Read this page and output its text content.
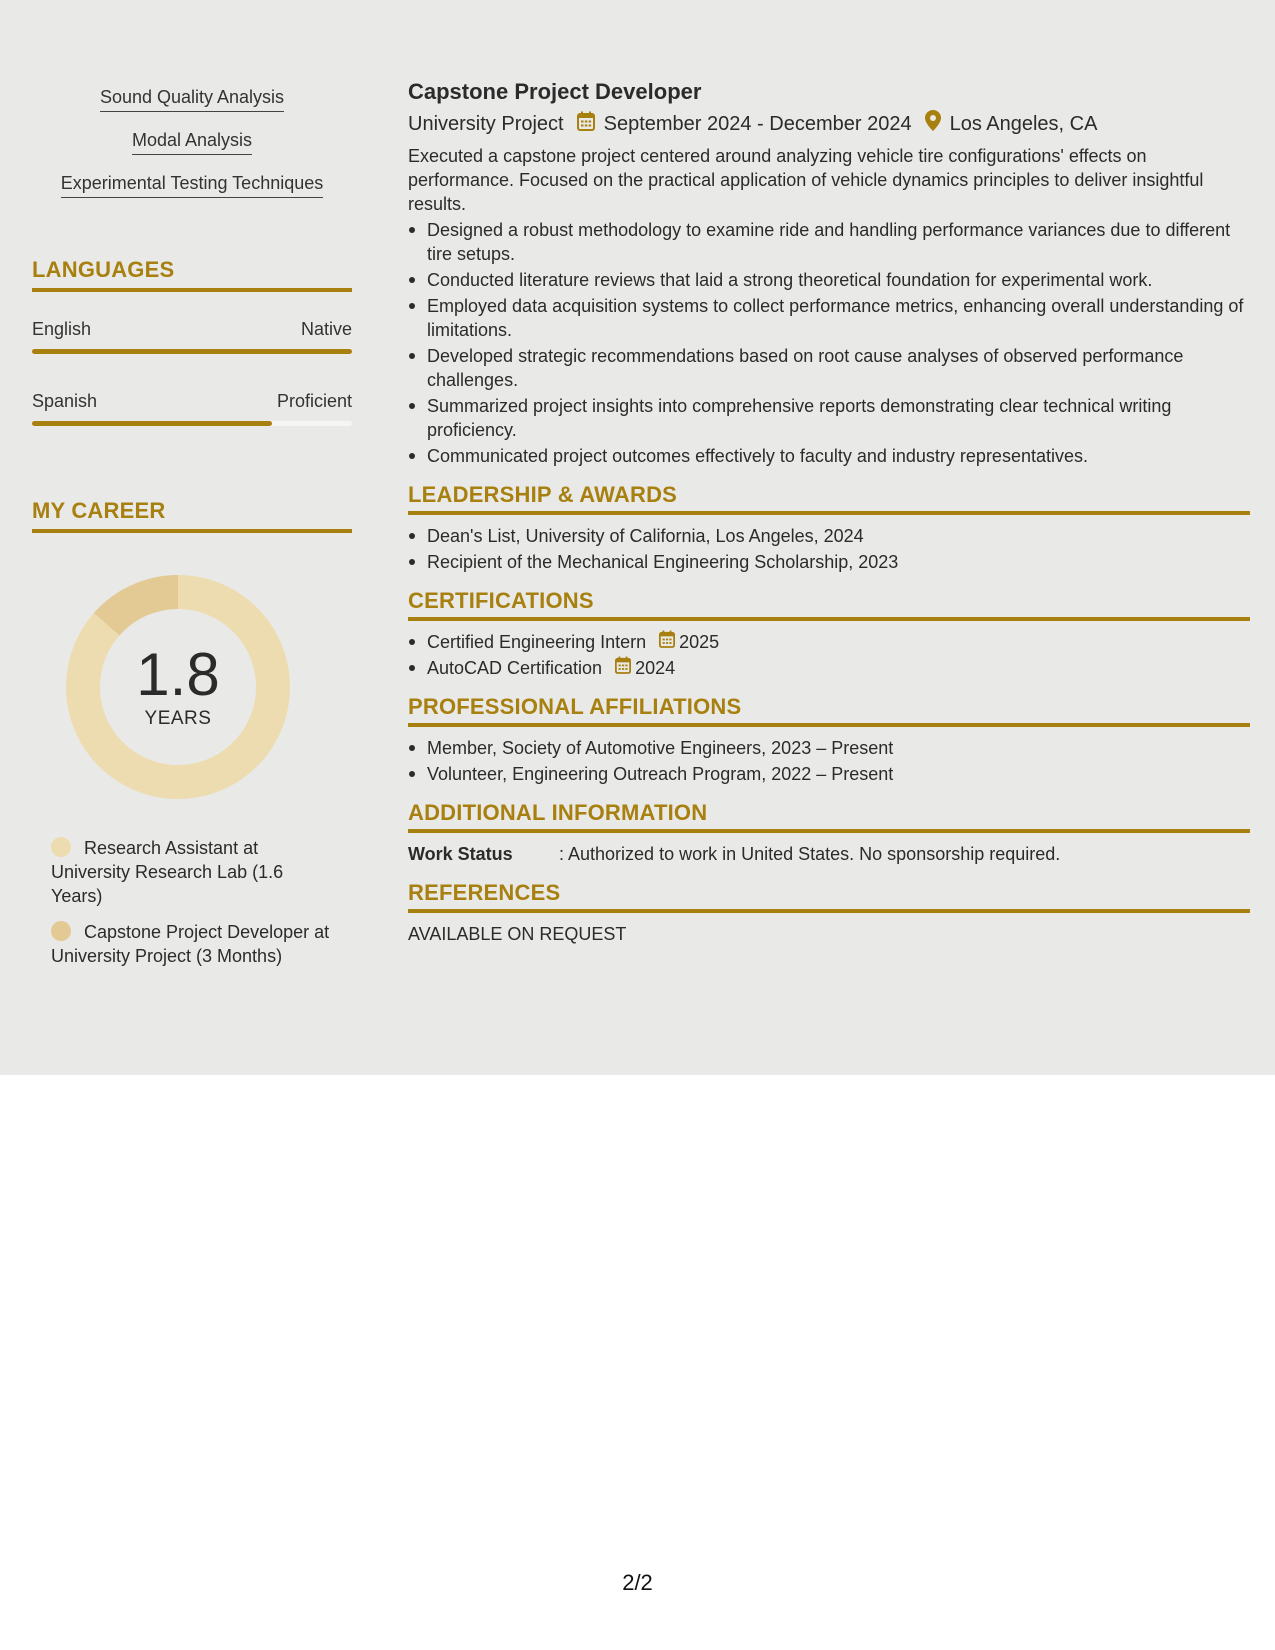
Sound Quality Analysis
Modal Analysis
Experimental Testing Techniques
LANGUAGES
English	Native
Spanish	Proficient
MY CAREER
1.8
YEARS
Research Assistant at University Research Lab (1.6 Years)
Capstone Project Developer at University Project (3 Months)
Capstone Project Developer
University Project September 2024 - December 2024 Los Angeles, CA
Executed a capstone project centered around analyzing vehicle tire configurations' effects on performance. Focused on the practical application of vehicle dynamics principles to deliver insightful results.
Designed a robust methodology to examine ride and handling performance variances due to different tire setups.
Conducted literature reviews that laid a strong theoretical foundation for experimental work.
Employed data acquisition systems to collect performance metrics, enhancing overall understanding of limitations.
Developed strategic recommendations based on root cause analyses of observed performance challenges.
Summarized project insights into comprehensive reports demonstrating clear technical writing proficiency.
Communicated project outcomes effectively to faculty and industry representatives.
LEADERSHIP & AWARDS
Dean's List, University of California, Los Angeles, 2024
Recipient of the Mechanical Engineering Scholarship, 2023
CERTIFICATIONS
Certified Engineering Intern 2025
AutoCAD Certification 2024
PROFESSIONAL AFFILIATIONS
Member, Society of Automotive Engineers, 2023 – Present
Volunteer, Engineering Outreach Program, 2022 – Present
ADDITIONAL INFORMATION
Work Status	: Authorized to work in United States. No sponsorship required.
REFERENCES
AVAILABLE ON REQUEST
2/2
